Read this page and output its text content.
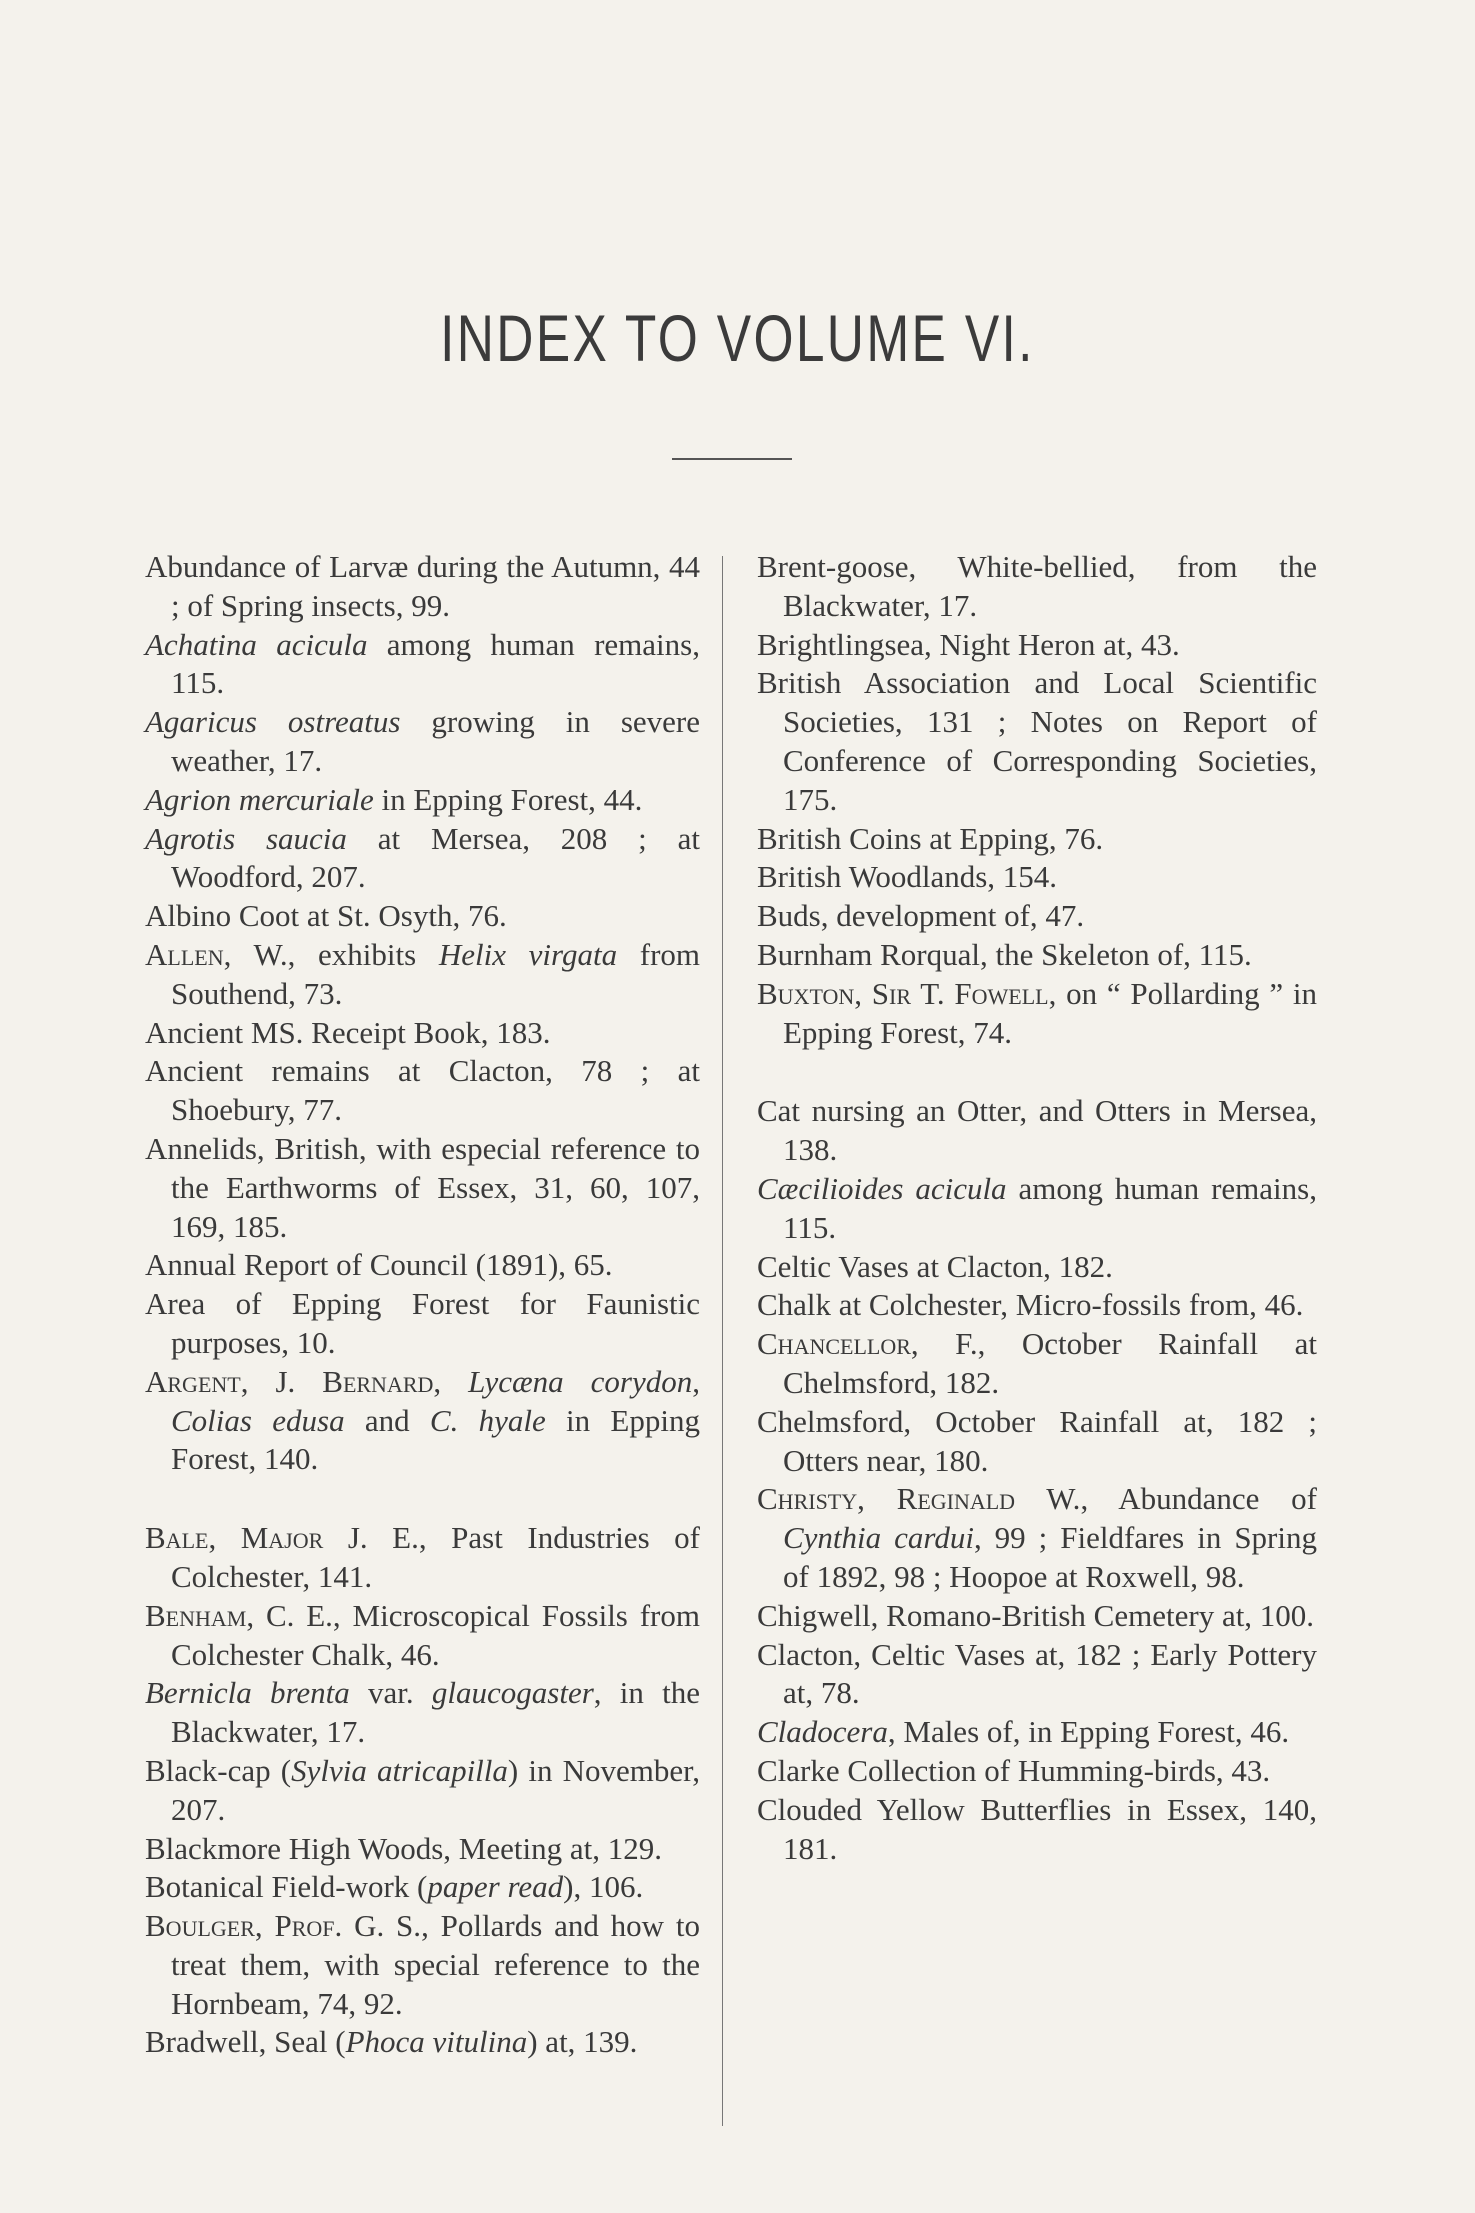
INDEX TO VOLUME VI.

Abundance of Larvæ during the Autumn, 44 ; of Spring insects, 99.

Achatina acicula among human remains, 115.

Agaricus ostreatus growing in severe weather, 17.

Agrion mercuriale in Epping Forest, 44.

Agrotis saucia at Mersea, 208 ; at Woodford, 207.

Albino Coot at St. Osyth, 76.

Allen, W., exhibits Helix virgata from Southend, 73.

Ancient MS. Receipt Book, 183.

Ancient remains at Clacton, 78 ; at Shoebury, 77.

Annelids, British, with especial reference to the Earthworms of Essex, 31, 60, 107, 169, 185.

Annual Report of Council (1891), 65.

Area of Epping Forest for Faunistic purposes, 10.

Argent, J. Bernard, Lycæna corydon, Colias edusa and C. hyale in Epping Forest, 140.

Bale, Major J. E., Past Industries of Colchester, 141.

Benham, C. E., Microscopical Fossils from Colchester Chalk, 46.

Bernicla brenta var. glaucogaster, in the Blackwater, 17.

Black-cap (Sylvia atricapilla) in November, 207.

Blackmore High Woods, Meeting at, 129.

Botanical Field-work (paper read), 106.

Boulger, Prof. G. S., Pollards and how to treat them, with special reference to the Hornbeam, 74, 92.

Bradwell, Seal (Phoca vitulina) at, 139.

Brent-goose, White-bellied, from the Blackwater, 17.

Brightlingsea, Night Heron at, 43.

British Association and Local Scientific Societies, 131 ; Notes on Report of Conference of Corresponding Societies, 175.

British Coins at Epping, 76.

British Woodlands, 154.

Buds, development of, 47.

Burnham Rorqual, the Skeleton of, 115.

Buxton, Sir T. Fowell, on “ Pollarding ” in Epping Forest, 74.

Cat nursing an Otter, and Otters in Mersea, 138.

Cæcilioides acicula among human remains, 115.

Celtic Vases at Clacton, 182.

Chalk at Colchester, Micro-fossils from, 46.

Chancellor, F., October Rainfall at Chelmsford, 182.

Chelmsford, October Rainfall at, 182 ; Otters near, 180.

Christy, Reginald W., Abundance of Cynthia cardui, 99 ; Fieldfares in Spring of 1892, 98 ; Hoopoe at Roxwell, 98.

Chigwell, Romano-British Cemetery at, 100.

Clacton, Celtic Vases at, 182 ; Early Pottery at, 78.

Cladocera, Males of, in Epping Forest, 46.

Clarke Collection of Humming-birds, 43.

Clouded Yellow Butterflies in Essex, 140, 181.
